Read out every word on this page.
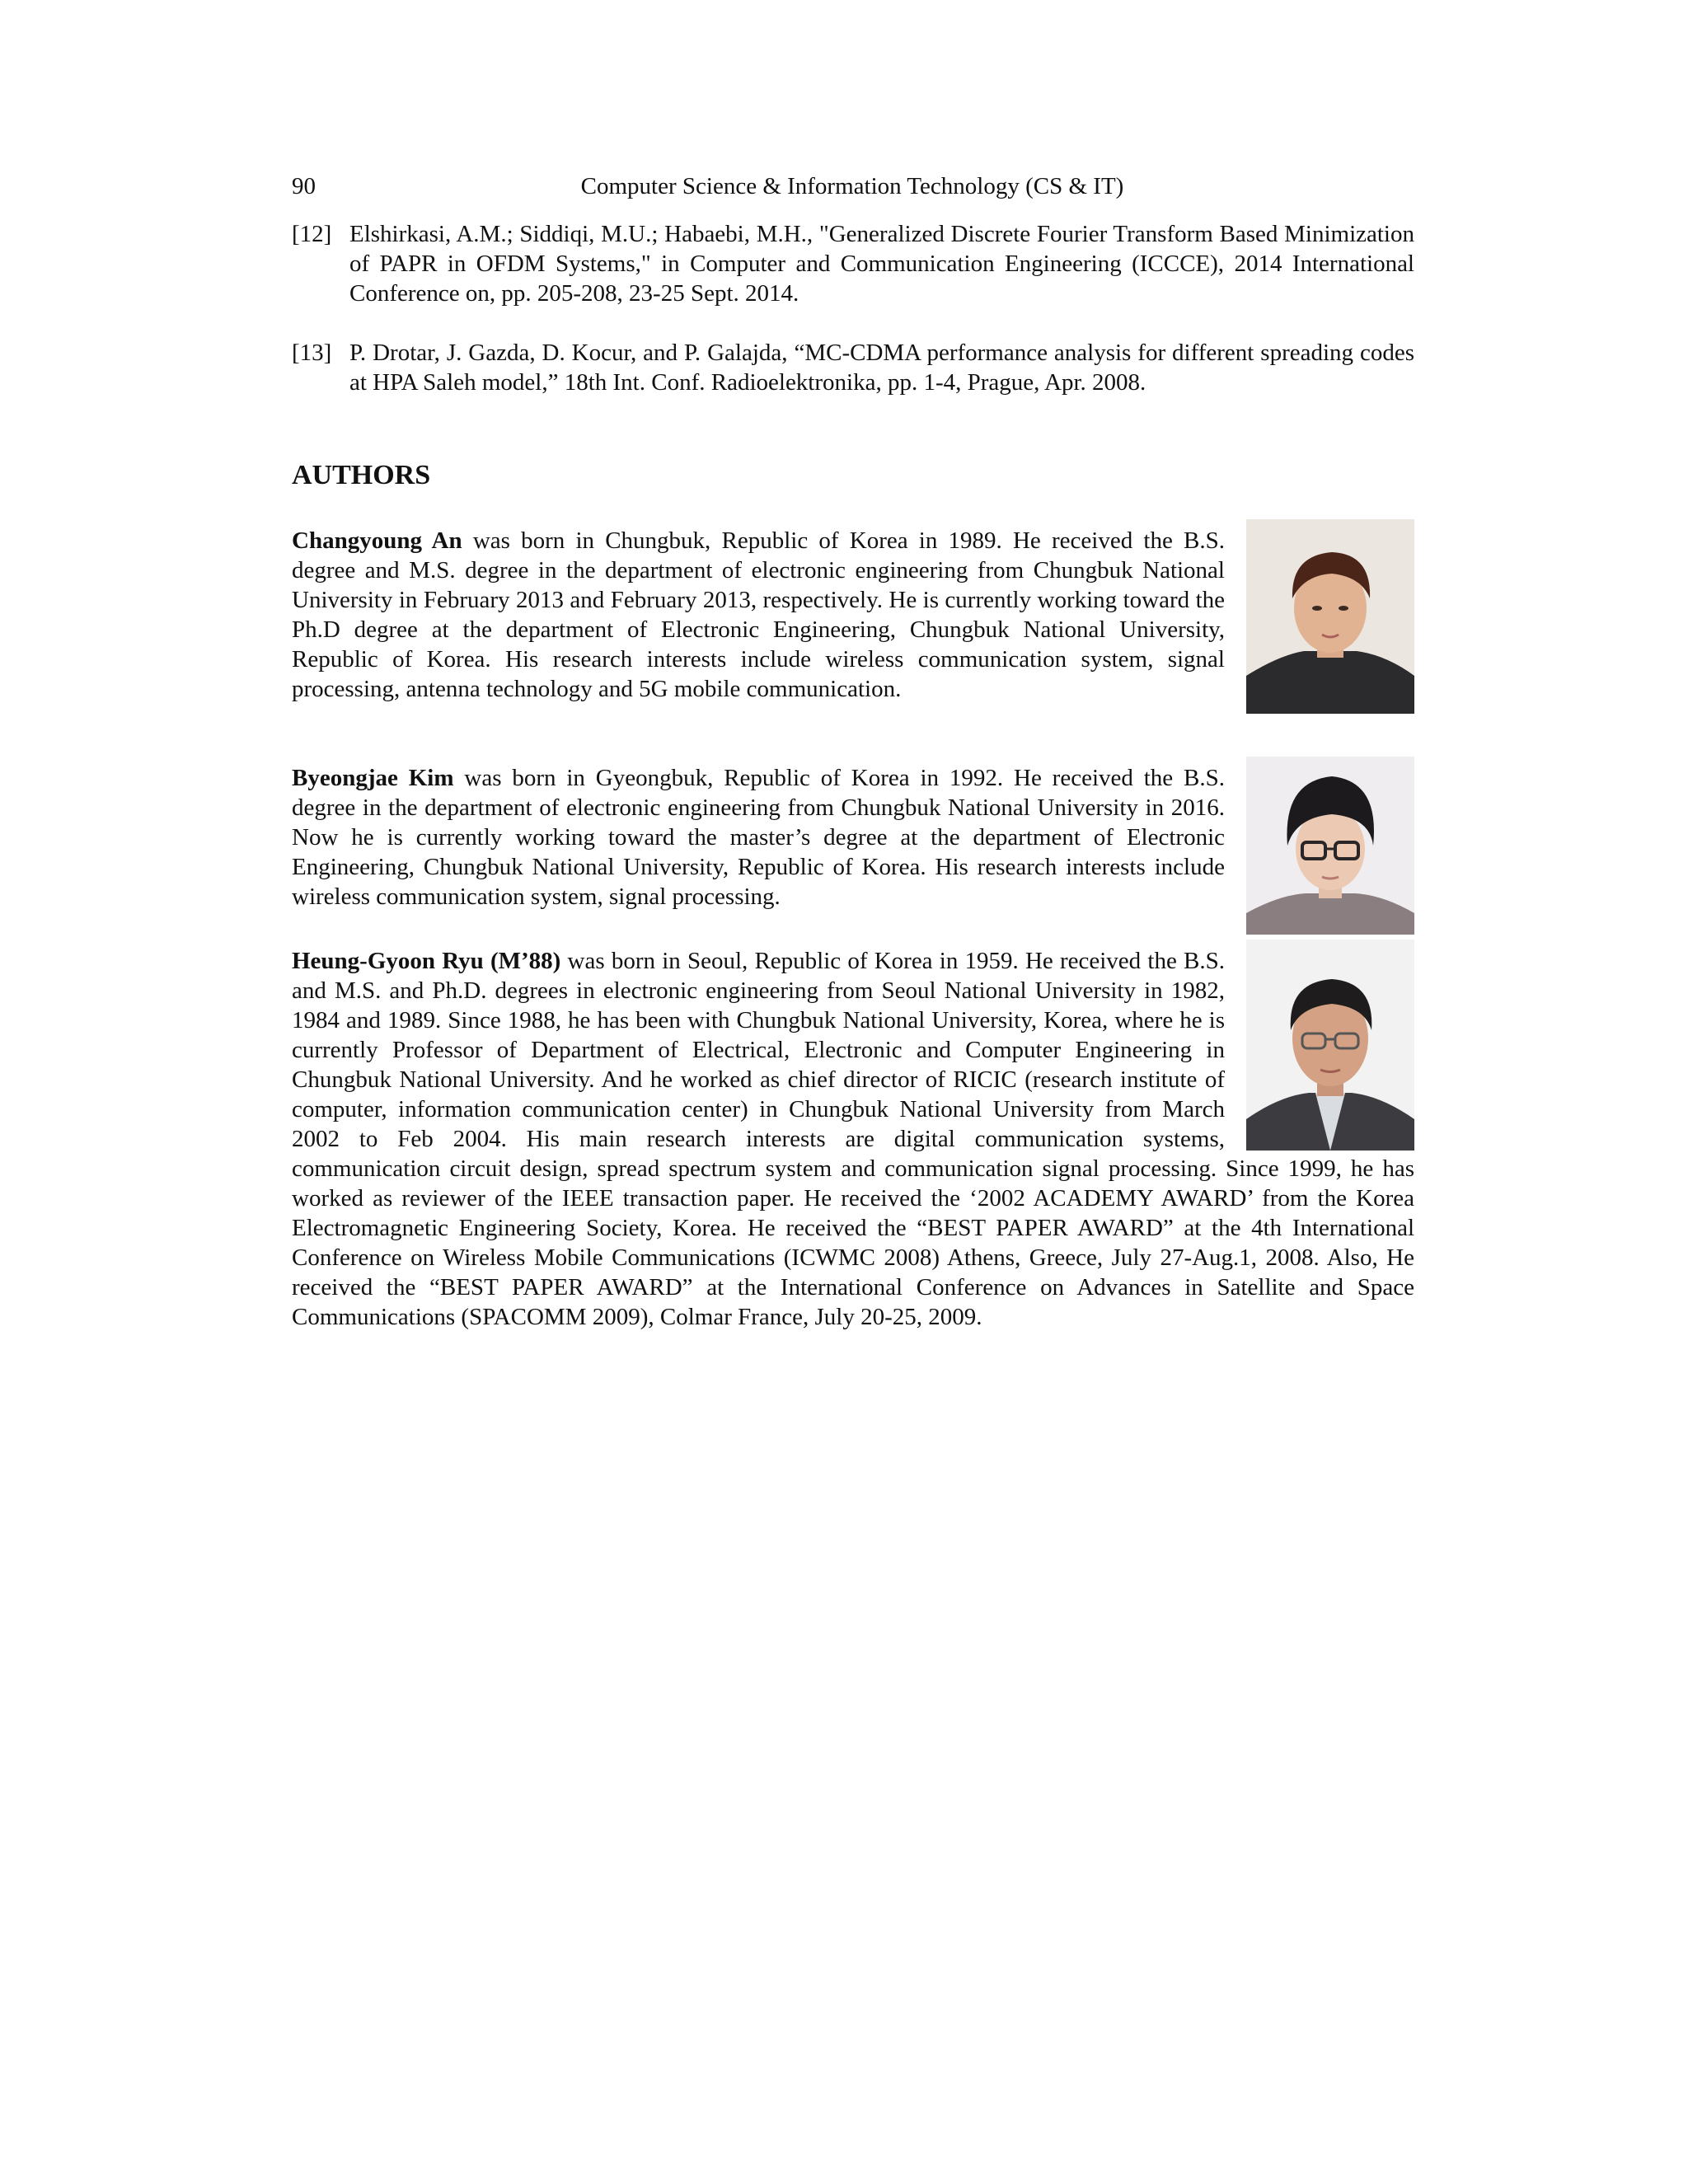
90	Computer Science & Information Technology (CS & IT)
[12] Elshirkasi, A.M.; Siddiqi, M.U.; Habaebi, M.H., "Generalized Discrete Fourier Transform Based Minimization of PAPR in OFDM Systems," in Computer and Communication Engineering (ICCCE), 2014 International Conference on, pp. 205-208, 23-25 Sept. 2014.
[13] P. Drotar, J. Gazda, D. Kocur, and P. Galajda, “MC-CDMA performance analysis for different spreading codes at HPA Saleh model,” 18th Int. Conf. Radioelektronika, pp. 1-4, Prague, Apr. 2008.
AUTHORS
Changyoung An was born in Chungbuk, Republic of Korea in 1989. He received the B.S. degree and M.S. degree in the department of electronic engineering from Chungbuk National University in February 2013 and February 2013, respectively. He is currently working toward the Ph.D degree at the department of Electronic Engineering, Chungbuk National University, Republic of Korea. His research interests include wireless communication system, signal processing, antenna technology and 5G mobile communication.
Byeongjae Kim was born in Gyeongbuk, Republic of Korea in 1992. He received the B.S. degree in the department of electronic engineering from Chungbuk National University in 2016. Now he is currently working toward the master’s degree at the department of Electronic Engineering, Chungbuk National University, Republic of Korea. His research interests include wireless communication system, signal processing.
Heung-Gyoon Ryu (M’88) was born in Seoul, Republic of Korea in 1959. He received the B.S. and M.S. and Ph.D. degrees in electronic engineering from Seoul National University in 1982, 1984 and 1989. Since 1988, he has been with Chungbuk National University, Korea, where he is currently Professor of Department of Electrical, Electronic and Computer Engineering in Chungbuk National University. And he worked as chief director of RICIC (research institute of computer, information communication center) in Chungbuk National University from March 2002 to Feb 2004. His main research interests are digital communication systems, communication circuit design, spread spectrum system and communication signal processing. Since 1999, he has worked as reviewer of the IEEE transaction paper. He received the ‘2002 ACADEMY AWARD’ from the Korea Electromagnetic Engineering Society, Korea. He received the “BEST PAPER AWARD” at the 4th International Conference on Wireless Mobile Communications (ICWMC 2008) Athens, Greece, July 27-Aug.1, 2008. Also, He received the “BEST PAPER AWARD” at the International Conference on Advances in Satellite and Space Communications (SPACOMM 2009), Colmar France, July 20-25, 2009.
